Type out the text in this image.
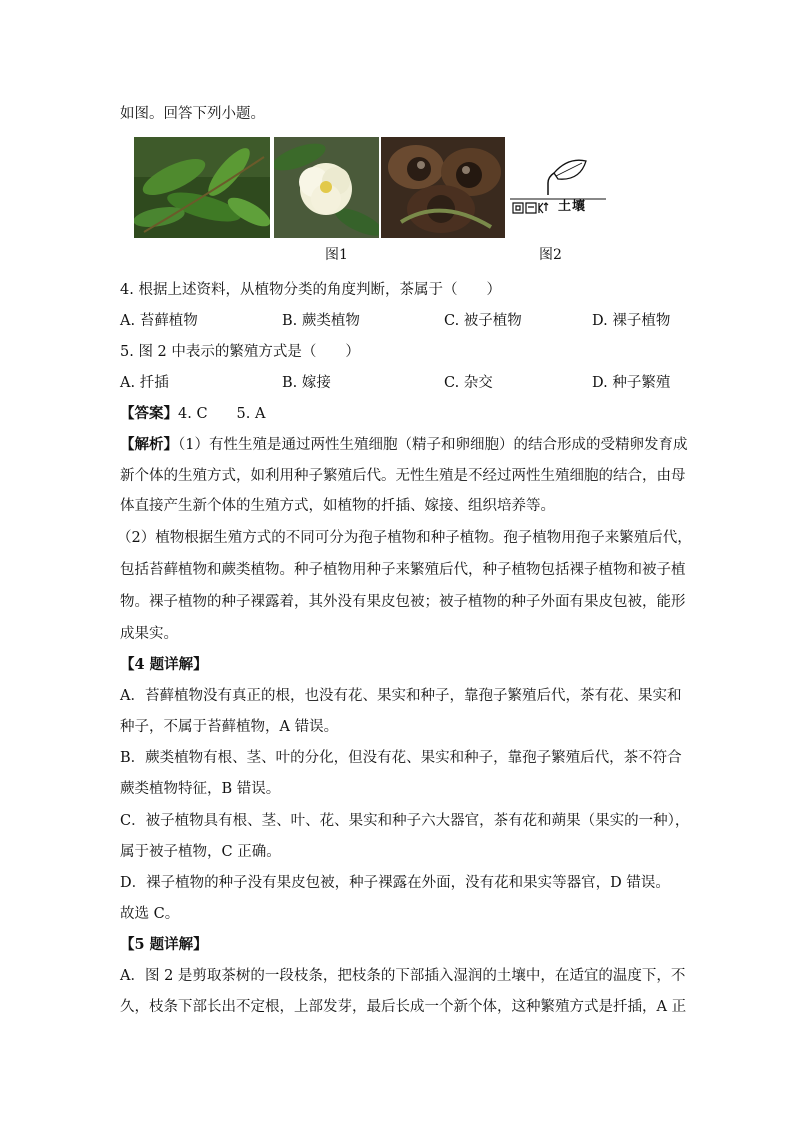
如图。回答下列小题。
土壤
图1	图2
4. 根据上述资料，从植物分类的角度判断，茶属于（　　）
A. 苔藓植物	B. 蕨类植物	C. 被子植物	D. 裸子植物
5. 图 2 中表示的繁殖方式是（　　）
A. 扦插	B. 嫁接	C. 杂交	D. 种子繁殖
【答案】4. C　　5. A
【解析】（1）有性生殖是通过两性生殖细胞（精子和卵细胞）的结合形成的受精卵发育成
新个体的生殖方式，如利用种子繁殖后代。无性生殖是不经过两性生殖细胞的结合，由母
体直接产生新个体的生殖方式，如植物的扦插、嫁接、组织培养等。
（2）植物根据生殖方式的不同可分为孢子植物和种子植物。孢子植物用孢子来繁殖后代，
包括苔藓植物和蕨类植物。种子植物用种子来繁殖后代，种子植物包括裸子植物和被子植
物。裸子植物的种子裸露着，其外没有果皮包被；被子植物的种子外面有果皮包被，能形
成果实。
【4 题详解】
A．苔藓植物没有真正的根，也没有花、果实和种子，靠孢子繁殖后代，茶有花、果实和
种子，不属于苔藓植物，A 错误。
B．蕨类植物有根、茎、叶的分化，但没有花、果实和种子，靠孢子繁殖后代，茶不符合
蕨类植物特征，B 错误。
C．被子植物具有根、茎、叶、花、果实和种子六大器官，茶有花和蒴果（果实的一种），
属于被子植物，C 正确。
D．裸子植物的种子没有果皮包被，种子裸露在外面，没有花和果实等器官，D 错误。
故选 C。
【5 题详解】
A．图 2 是剪取茶树的一段枝条，把枝条的下部插入湿润的土壤中，在适宜的温度下，不
久，枝条下部长出不定根，上部发芽，最后长成一个新个体，这种繁殖方式是扦插，A 正
